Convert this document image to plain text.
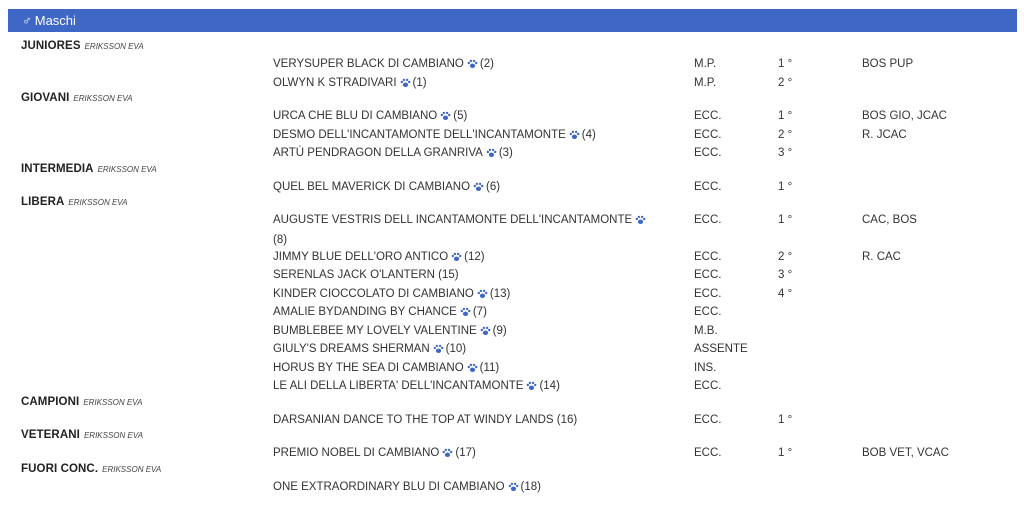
♂ Maschi
JUNIORES ERIKSSON EVA
VERYSUPER BLACK DI CAMBIANO (2)	M.P.	1 °	BOS PUP
OLWYN K STRADIVARI (1)	M.P.	2 °
GIOVANI ERIKSSON EVA
URCA CHE BLU DI CAMBIANO (5)	ECC.	1 °	BOS GIO, JCAC
DESMO DELL'INCANTAMONTE DELL'INCANTAMONTE (4)	ECC.	2 °	R. JCAC
ARTÙ PENDRAGON DELLA GRANRIVA (3)	ECC.	3 °
INTERMEDIA ERIKSSON EVA
QUEL BEL MAVERICK DI CAMBIANO (6)	ECC.	1 °
LIBERA ERIKSSON EVA
AUGUSTE VESTRIS DELL INCANTAMONTE DELL'INCANTAMONTE
(8)
ECC.	1 °	CAC, BOS
JIMMY BLUE DELL'ORO ANTICO (12)	ECC.	2 °	R. CAC
SERENLAS JACK O'LANTERN (15)	ECC.	3 °
KINDER CIOCCOLATO DI CAMBIANO (13)	ECC.	4 °
AMALIE BYDANDING BY CHANCE (7)	ECC.
BUMBLEBEE MY LOVELY VALENTINE (9)	M.B.
GIULY'S DREAMS SHERMAN (10)	ASSENTE
HORUS BY THE SEA DI CAMBIANO (11)	INS.
LE ALI DELLA LIBERTA' DELL'INCANTAMONTE (14)	ECC.
CAMPIONI ERIKSSON EVA
DARSANIAN DANCE TO THE TOP AT WINDY LANDS (16)	ECC.	1 °
VETERANI ERIKSSON EVA
PREMIO NOBEL DI CAMBIANO (17)	ECC.	1 °	BOB VET, VCAC
FUORI CONC. ERIKSSON EVA
ONE EXTRAORDINARY BLU DI CAMBIANO (18)
